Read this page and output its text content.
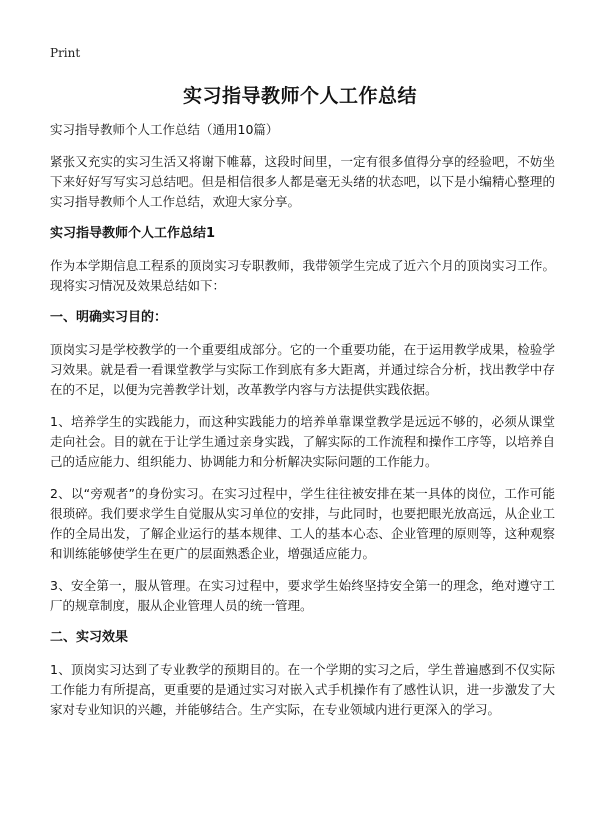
Print
实习指导教师个人工作总结
实习指导教师个人工作总结（通用10篇）

紧张又充实的实习生活又将谢下帷幕，这段时间里，一定有很多值得分享的经验吧，不妨坐下来好好写写实习总结吧。但是相信很多人都是毫无头绪的状态吧，以下是小编精心整理的实习指导教师个人工作总结，欢迎大家分享。

实习指导教师个人工作总结1

作为本学期信息工程系的顶岗实习专职教师，我带领学生完成了近六个月的顶岗实习工作。现将实习情况及效果总结如下：

一、明确实习目的：

顶岗实习是学校教学的一个重要组成部分。它的一个重要功能，在于运用教学成果，检验学习效果。就是看一看课堂教学与实际工作到底有多大距离，并通过综合分析，找出教学中存在的不足，以便为完善教学计划，改革教学内容与方法提供实践依据。

1、培养学生的实践能力，而这种实践能力的培养单靠课堂教学是远远不够的，必须从课堂走向社会。目的就在于让学生通过亲身实践，了解实际的工作流程和操作工序等，以培养自己的适应能力、组织能力、协调能力和分析解决实际问题的工作能力。

2、以“旁观者”的身份实习。在实习过程中，学生往往被安排在某一具体的岗位，工作可能很琐碎。我们要求学生自觉服从实习单位的安排，与此同时，也要把眼光放高远，从企业工作的全局出发，了解企业运行的基本规律、工人的基本心态、企业管理的原则等，这种观察和训练能够使学生在更广的层面熟悉企业，增强适应能力。

3、安全第一，服从管理。在实习过程中，要求学生始终坚持安全第一的理念，绝对遵守工厂的规章制度，服从企业管理人员的统一管理。

二、实习效果

1、顶岗实习达到了专业教学的预期目的。在一个学期的实习之后，学生普遍感到不仅实际工作能力有所提高，更重要的是通过实习对嵌入式手机操作有了感性认识，进一步激发了大家对专业知识的兴趣，并能够结合。生产实际，在专业领域内进行更深入的学习。
